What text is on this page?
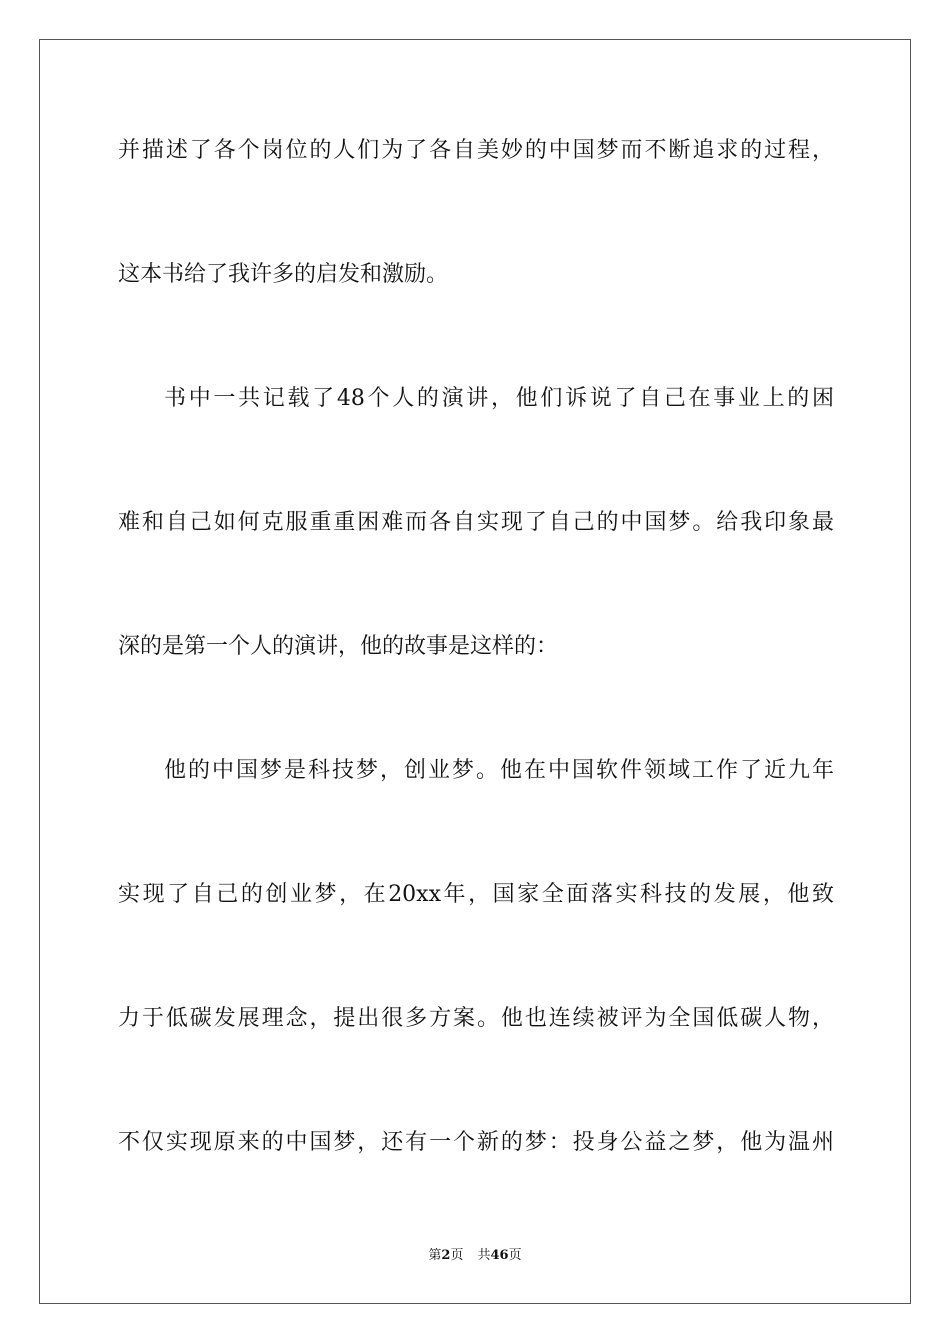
并描述了各个岗位的人们为了各自美妙的中国梦而不断追求的过程，
这本书给了我许多的启发和激励。
书中一共记载了48个人的演讲，他们诉说了自己在事业上的困
难和自己如何克服重重困难而各自实现了自己的中国梦。给我印象最
深的是第一个人的演讲，他的故事是这样的：
他的中国梦是科技梦，创业梦。他在中国软件领域工作了近九年
实现了自己的创业梦，在20xx年，国家全面落实科技的发展，他致
力于低碳发展理念，提出很多方案。他也连续被评为全国低碳人物，
不仅实现原来的中国梦，还有一个新的梦：投身公益之梦，他为温州
第2页 共46页
